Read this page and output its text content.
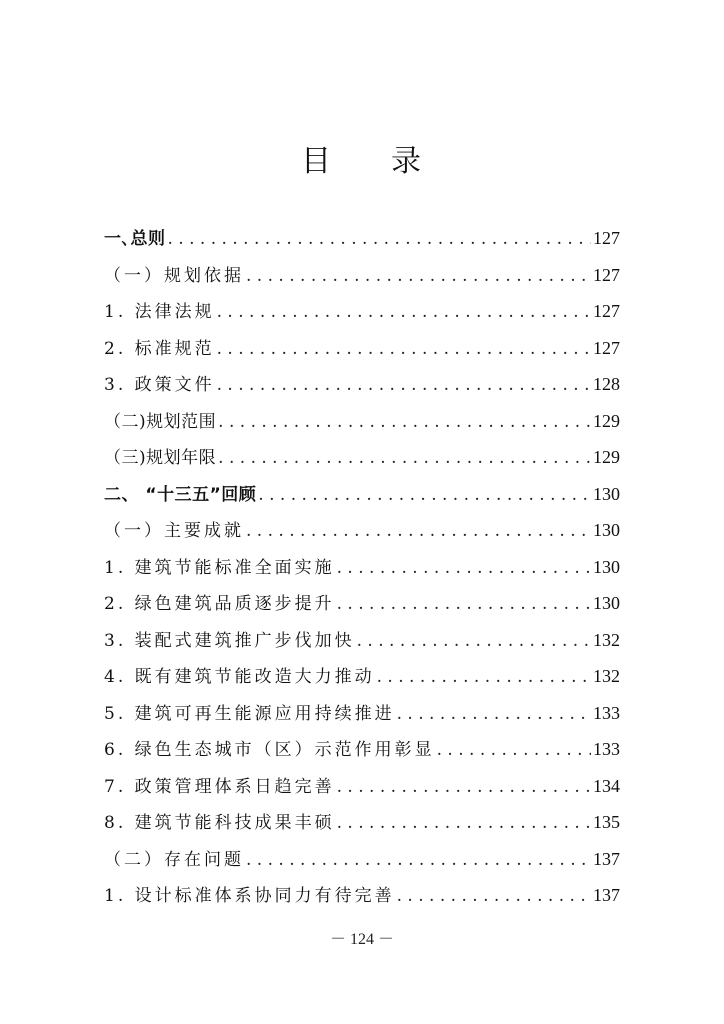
目 录
一､总则 . . .	127
（一）规划依据 . . .	127
1. 法律法规 . . .	127
2. 标准规范 . . .	127
3. 政策文件 . . .	128
（二)规划范围 . . .	129
（三)规划年限 . . .	129
二、 “十三五”回顾 . . .	130
（一）主要成就 . . .	130
1. 建筑节能标准全面实施 . . .	130
2. 绿色建筑品质逐步提升 . . .	130
3. 装配式建筑推广步伐加快 . . .	132
4. 既有建筑节能改造大力推动 . . .	132
5. 建筑可再生能源应用持续推进 . . .	133
6. 绿色生态城市（区）示范作用彰显 . . .	133
7. 政策管理体系日趋完善 . . .	134
8. 建筑节能科技成果丰硕 . . .	135
（二）存在问题 . . .	137
1. 设计标准体系协同力有待完善 . . .	137
－ 124 －
